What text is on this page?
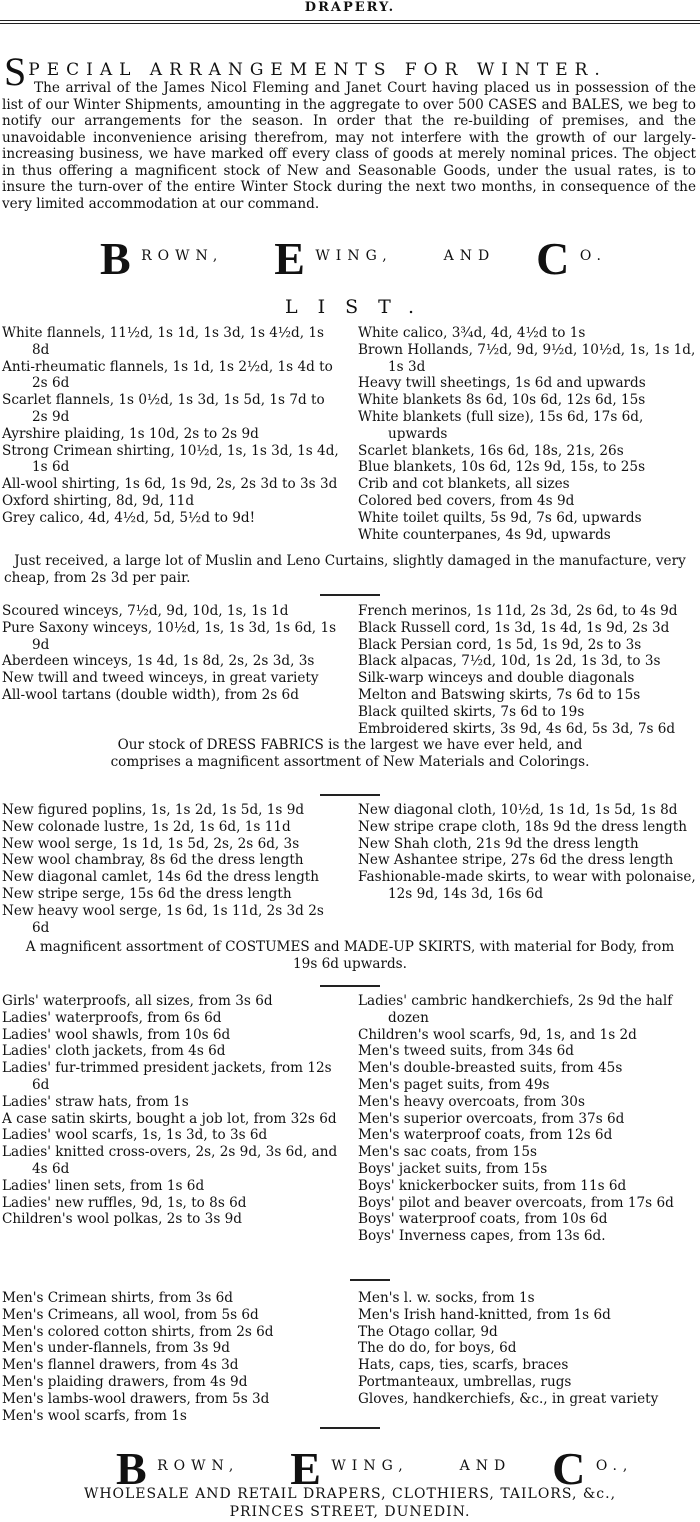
DRAPERY.
SPECIAL ARRANGEMENTS FOR WINTER.

The arrival of the James Nicol Fleming and Janet Court having placed us in possession of the list of our Winter Shipments, amounting in the aggregate to over 500 CASES and BALES, we beg to notify our arrangements for the season. In order that the re-building of premises, and the unavoidable inconvenience arising therefrom, may not interfere with the growth of our largely-increasing business, we have marked off every class of goods at merely nominal prices. The object in thus offering a magnificent stock of New and Seasonable Goods, under the usual rates, is to insure the turn-over of the entire Winter Stock during the next two months, in consequence of the very limited accommodation at our command.

B ROWN, E WING,	AND C O.
LIST.

White flannels, 11½d, 1s 1d, 1s 3d, 1s 4½d, 1s 8d

Anti-rheumatic flannels, 1s 1d, 1s 2½d, 1s 4d to 2s 6d

Scarlet flannels, 1s 0½d, 1s 3d, 1s 5d, 1s 7d to 2s 9d

Ayrshire plaiding, 1s 10d, 2s to 2s 9d

Strong Crimean shirting, 10½d, 1s, 1s 3d, 1s 4d, 1s 6d

All-wool shirting, 1s 6d, 1s 9d, 2s, 2s 3d to 3s 3d

Oxford shirting, 8d, 9d, 11d

Grey calico, 4d, 4½d, 5d, 5½d to 9d!

White calico, 3¾d, 4d, 4½d to 1s

Brown Hollands, 7½d, 9d, 9½d, 10½d, 1s, 1s 1d, 1s 3d

Heavy twill sheetings, 1s 6d and upwards

White blankets 8s 6d, 10s 6d, 12s 6d, 15s

White blankets (full size), 15s 6d, 17s 6d, upwards

Scarlet blankets, 16s 6d, 18s, 21s, 26s

Blue blankets, 10s 6d, 12s 9d, 15s, to 25s

Crib and cot blankets, all sizes

Colored bed covers, from 4s 9d

White toilet quilts, 5s 9d, 7s 6d, upwards

White counterpanes, 4s 9d, upwards

Just received, a large lot of Muslin and Leno Curtains, slightly damaged in the manufacture, very cheap, from 2s 3d per pair.

Scoured winceys, 7½d, 9d, 10d, 1s, 1s 1d

Pure Saxony winceys, 10½d, 1s, 1s 3d, 1s 6d, 1s 9d

Aberdeen winceys, 1s 4d, 1s 8d, 2s, 2s 3d, 3s

New twill and tweed winceys, in great variety

All-wool tartans (double width), from 2s 6d

French merinos, 1s 11d, 2s 3d, 2s 6d, to 4s 9d

Black Russell cord, 1s 3d, 1s 4d, 1s 9d, 2s 3d

Black Persian cord, 1s 5d, 1s 9d, 2s to 3s

Black alpacas, 7½d, 10d, 1s 2d, 1s 3d, to 3s

Silk-warp winceys and double diagonals

Melton and Batswing skirts, 7s 6d to 15s

Black quilted skirts, 7s 6d to 19s

Embroidered skirts, 3s 9d, 4s 6d, 5s 3d, 7s 6d

Our stock of DRESS FABRICS is the largest we have ever held, and comprises a magnificent assortment of New Materials and Colorings.

New figured poplins, 1s, 1s 2d, 1s 5d, 1s 9d

New colonade lustre, 1s 2d, 1s 6d, 1s 11d

New wool serge, 1s 1d, 1s 5d, 2s, 2s 6d, 3s

New wool chambray, 8s 6d the dress length

New diagonal camlet, 14s 6d the dress length

New stripe serge, 15s 6d the dress length

New heavy wool serge, 1s 6d, 1s 11d, 2s 3d 2s 6d

New diagonal cloth, 10½d, 1s 1d, 1s 5d, 1s 8d

New stripe crape cloth, 18s 9d the dress length

New Shah cloth, 21s 9d the dress length

New Ashantee stripe, 27s 6d the dress length

Fashionable-made skirts, to wear with polonaise, 12s 9d, 14s 3d, 16s 6d

A magnificent assortment of COSTUMES and MADE-UP SKIRTS, with material for Body, from 19s 6d upwards.

Girls' waterproofs, all sizes, from 3s 6d

Ladies' waterproofs, from 6s 6d

Ladies' wool shawls, from 10s 6d

Ladies' cloth jackets, from 4s 6d

Ladies' fur-trimmed president jackets, from 12s 6d

Ladies' straw hats, from 1s

A case satin skirts, bought a job lot, from 32s 6d

Ladies' wool scarfs, 1s, 1s 3d, to 3s 6d

Ladies' knitted cross-overs, 2s, 2s 9d, 3s 6d, and 4s 6d

Ladies' linen sets, from 1s 6d

Ladies' new ruffles, 9d, 1s, to 8s 6d

Children's wool polkas, 2s to 3s 9d

Ladies' cambric handkerchiefs, 2s 9d the half dozen

Children's wool scarfs, 9d, 1s, and 1s 2d

Men's tweed suits, from 34s 6d

Men's double-breasted suits, from 45s

Men's paget suits, from 49s

Men's heavy overcoats, from 30s

Men's superior overcoats, from 37s 6d

Men's waterproof coats, from 12s 6d

Men's sac coats, from 15s

Boys' jacket suits, from 15s

Boys' knickerbocker suits, from 11s 6d

Boys' pilot and beaver overcoats, from 17s 6d

Boys' waterproof coats, from 10s 6d

Boys' Inverness capes, from 13s 6d.

Men's Crimean shirts, from 3s 6d

Men's Crimeans, all wool, from 5s 6d

Men's colored cotton shirts, from 2s 6d

Men's under-flannels, from 3s 9d

Men's flannel drawers, from 4s 3d

Men's plaiding drawers, from 4s 9d

Men's lambs-wool drawers, from 5s 3d

Men's wool scarfs, from 1s

Men's l. w. socks, from 1s

Men's Irish hand-knitted, from 1s 6d

The Otago collar, 9d

The do do, for boys, 6d

Hats, caps, ties, scarfs, braces

Portmanteaux, umbrellas, rugs

Gloves, handkerchiefs, &c., in great variety

B ROWN, E WING,	AND C O.,
WHOLESALE AND RETAIL DRAPERS, CLOTHIERS, TAILORS, &c.,
PRINCES STREET, DUNEDIN.
